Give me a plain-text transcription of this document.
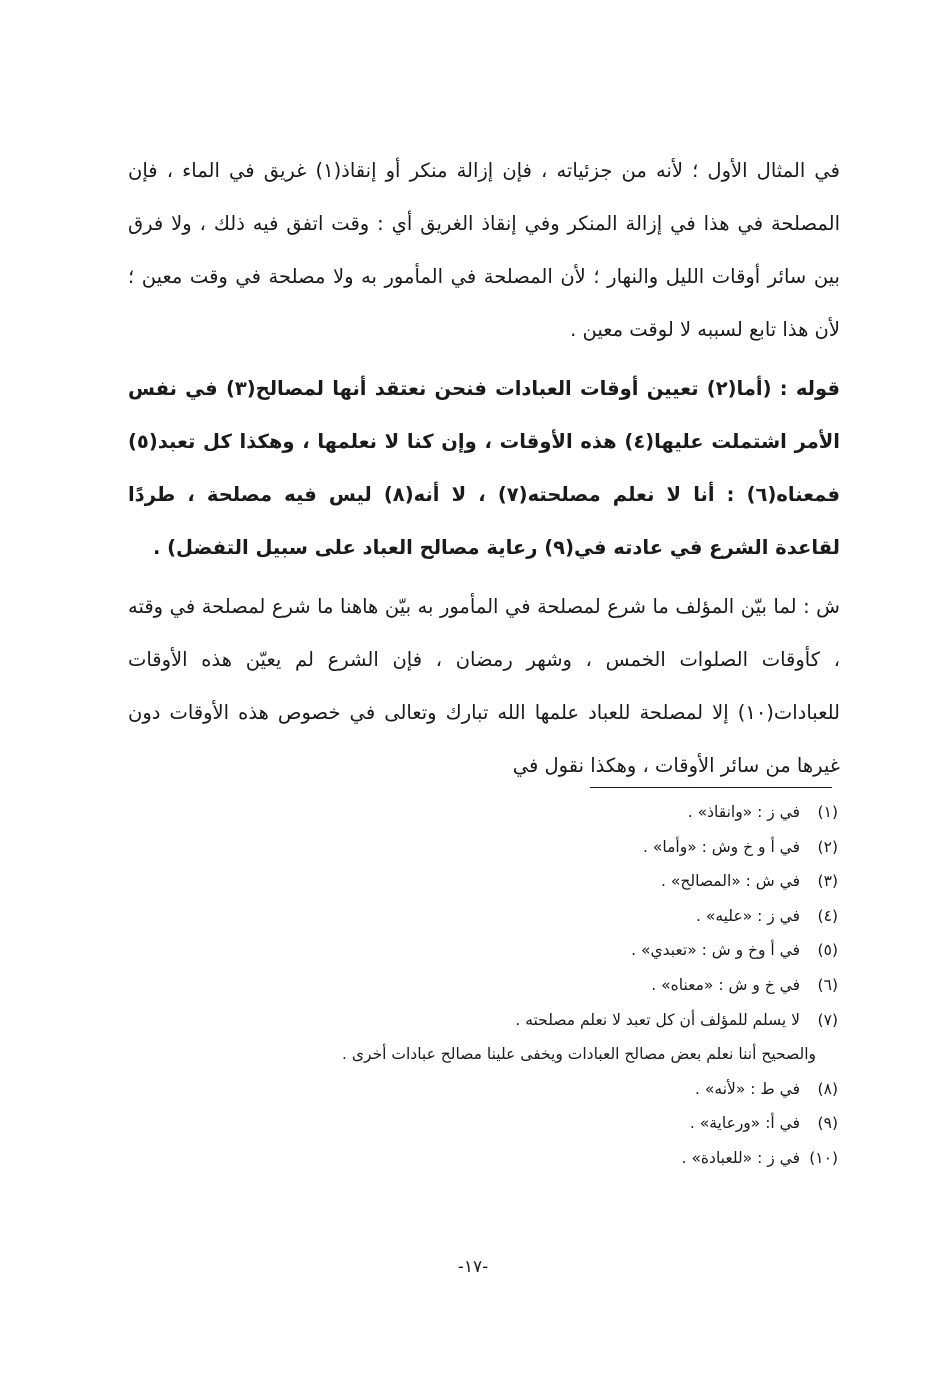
في المثال الأول ؛ لأنه من جزئياته ، فإن إزالة منكر أو إنقاذ(١) غريق في الماء ، فإن المصلحة في هذا في إزالة المنكر وفي إنقاذ الغريق أي : وقت اتفق فيه ذلك ، ولا فرق بين سائر أوقات الليل والنهار ؛ لأن المصلحة في المأمور به ولا مصلحة في وقت معين ؛ لأن هذا تابع لسببه لا لوقت معين .

قوله : (أما(٢) تعيين أوقات العبادات فنحن نعتقد أنها لمصالح(٣) في نفس الأمر اشتملت عليها(٤) هذه الأوقات ، وإن كنا لا نعلمها ، وهكذا كل تعبد(٥) فمعناه(٦) : أنا لا نعلم مصلحته(٧) ، لا أنه(٨) ليس فيه مصلحة ، طردًا لقاعدة الشرع في عادته في(٩) رعاية مصالح العباد على سبيل التفضل) .

ش : لما بيّن المؤلف ما شرع لمصلحة في المأمور به بيّن هاهنا ما شرع لمصلحة في وقته ، كأوقات الصلوات الخمس ، وشهر رمضان ، فإن الشرع لم يعيّن هذه الأوقات للعبادات(١٠) إلا لمصلحة للعباد علمها الله تبارك وتعالى في خصوص هذه الأوقات دون غيرها من سائر الأوقات ، وهكذا نقول في

(١)في ز : «وانقاذ» .
(٢)في أ و خ وش : «وأما» .
(٣)في ش : «المصالح» .
(٤)في ز : «عليه» .
(٥)في أ وخ و ش : «تعبدي» .
(٦)في خ و ش : «معناه» .
(٧)لا يسلم للمؤلف أن كل تعبد لا نعلم مصلحته .
والصحيح أننا نعلم بعض مصالح العبادات ويخفى علينا مصالح عبادات أخرى .
(٨)في ط : «لأنه» .
(٩)في أ: «ورعاية» .
(١٠)في ز : «للعبادة» .
-١٧-
